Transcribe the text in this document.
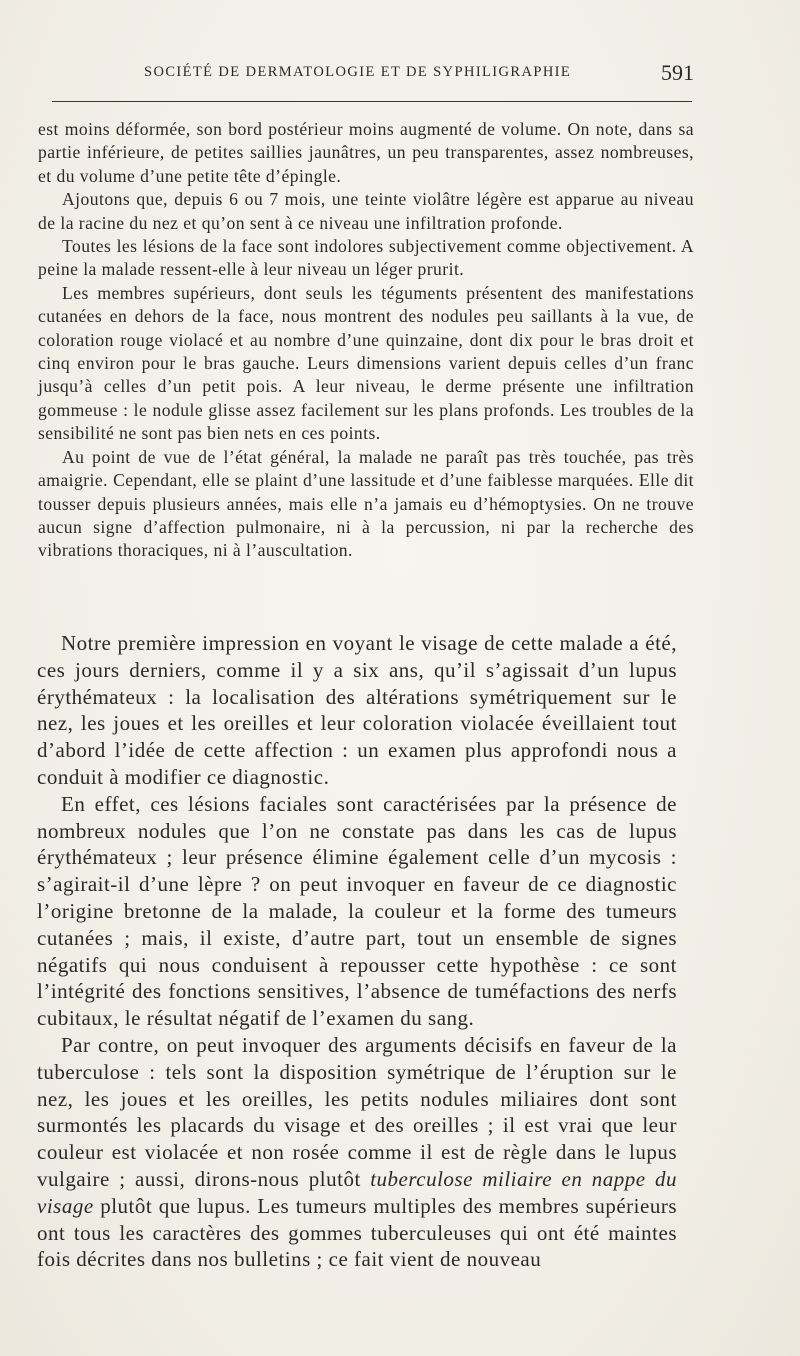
SOCIÉTÉ DE DERMATOLOGIE ET DE SYPHILIGRAPHIE	591

est moins déformée, son bord postérieur moins augmenté de volume. On note, dans sa partie inférieure, de petites saillies jaunâtres, un peu transparentes, assez nombreuses, et du volume d’une petite tête d’épingle.

Ajoutons que, depuis 6 ou 7 mois, une teinte violâtre légère est apparue au niveau de la racine du nez et qu’on sent à ce niveau une infiltration profonde.

Toutes les lésions de la face sont indolores subjectivement comme objectivement. A peine la malade ressent-elle à leur niveau un léger prurit.

Les membres supérieurs, dont seuls les téguments présentent des manifestations cutanées en dehors de la face, nous montrent des nodules peu saillants à la vue, de coloration rouge violacé et au nombre d’une quinzaine, dont dix pour le bras droit et cinq environ pour le bras gauche. Leurs dimensions varient depuis celles d’un franc jusqu’à celles d’un petit pois. A leur niveau, le derme présente une infiltration gommeuse : le nodule glisse assez facilement sur les plans profonds. Les troubles de la sensibilité ne sont pas bien nets en ces points.

Au point de vue de l’état général, la malade ne paraît pas très touchée, pas très amaigrie. Cependant, elle se plaint d’une lassitude et d’une faiblesse marquées. Elle dit tousser depuis plusieurs années, mais elle n’a jamais eu d’hémoptysies. On ne trouve aucun signe d’affection pulmonaire, ni à la percussion, ni par la recherche des vibrations thoraciques, ni à l’auscultation.

Notre première impression en voyant le visage de cette malade a été, ces jours derniers, comme il y a six ans, qu’il s’agissait d’un lupus érythémateux : la localisation des altérations symétriquement sur le nez, les joues et les oreilles et leur coloration violacée éveillaient tout d’abord l’idée de cette affection : un examen plus approfondi nous a conduit à modifier ce diagnostic.

En effet, ces lésions faciales sont caractérisées par la présence de nombreux nodules que l’on ne constate pas dans les cas de lupus érythémateux ; leur présence élimine également celle d’un mycosis : s’agirait-il d’une lèpre ? on peut invoquer en faveur de ce diagnostic l’origine bretonne de la malade, la couleur et la forme des tumeurs cutanées ; mais, il existe, d’autre part, tout un ensemble de signes négatifs qui nous conduisent à repousser cette hypothèse : ce sont l’intégrité des fonctions sensitives, l’absence de tuméfactions des nerfs cubitaux, le résultat négatif de l’examen du sang.

Par contre, on peut invoquer des arguments décisifs en faveur de la tuberculose : tels sont la disposition symétrique de l’éruption sur le nez, les joues et les oreilles, les petits nodules miliaires dont sont surmontés les placards du visage et des oreilles ; il est vrai que leur couleur est violacée et non rosée comme il est de règle dans le lupus vulgaire ; aussi, dirons-nous plutôt tuberculose miliaire en nappe du visage plutôt que lupus. Les tumeurs multiples des membres supérieurs ont tous les caractères des gommes tuberculeuses qui ont été maintes fois décrites dans nos bulletins ; ce fait vient de nouveau
